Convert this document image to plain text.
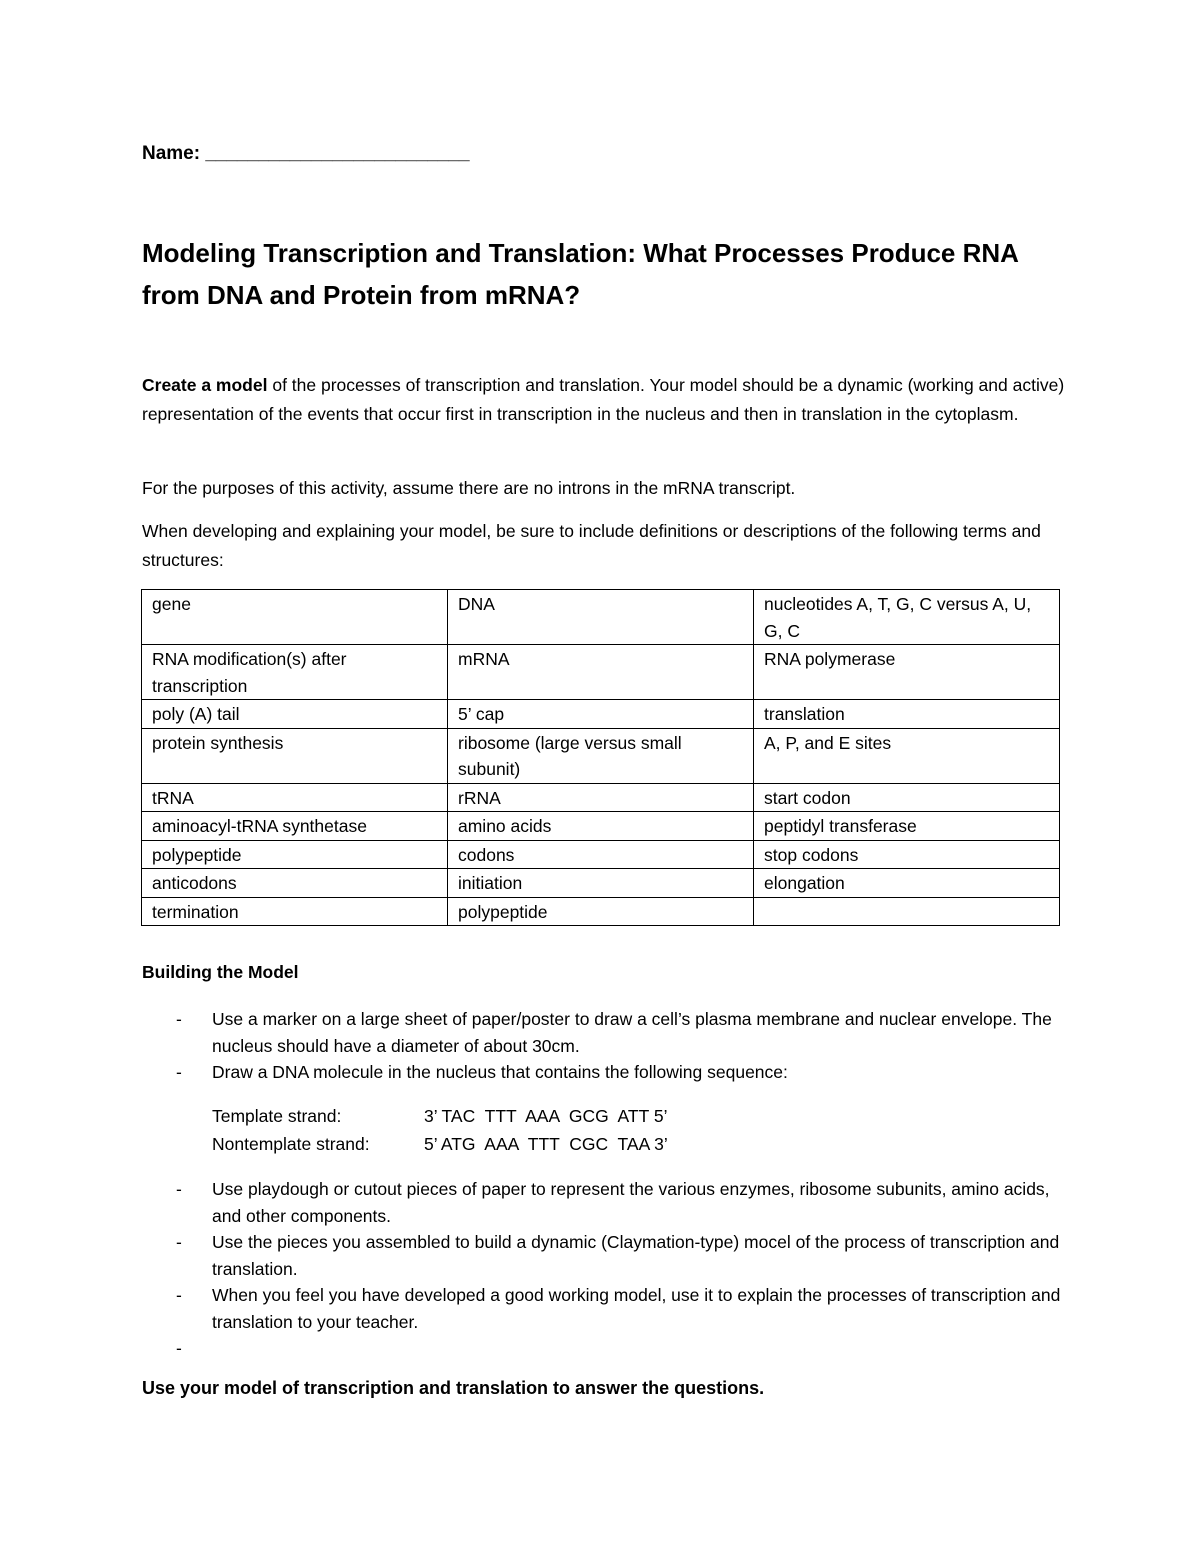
Name: _________________________
Modeling Transcription and Translation: What Processes Produce RNA from DNA and Protein from mRNA?
Create a model of the processes of transcription and translation. Your model should be a dynamic (working and active) representation of the events that occur first in transcription in the nucleus and then in translation in the cytoplasm.
For the purposes of this activity, assume there are no introns in the mRNA transcript.
When developing and explaining your model, be sure to include definitions or descriptions of the following terms and structures:
gene	DNA	nucleotides A, T, G, C versus A, U, G, C
RNA modification(s) after transcription	mRNA	RNA polymerase
poly (A) tail	5’ cap	translation
protein synthesis	ribosome (large versus small subunit)	A, P, and E sites
tRNA	rRNA	start codon
aminoacyl-tRNA synthetase	amino acids	peptidyl transferase
polypeptide	codons	stop codons
anticodons	initiation	elongation
termination	polypeptide	
Building the Model
- Use a marker on a large sheet of paper/poster to draw a cell’s plasma membrane and nuclear envelope. The nucleus should have a diameter of about 30cm.
- Draw a DNA molecule in the nucleus that contains the following sequence:
Template strand:	3’ TAC  TTT  AAA  GCG  ATT 5’
Nontemplate strand:	5’ ATG  AAA  TTT  CGC  TAA 3’
- Use playdough or cutout pieces of paper to represent the various enzymes, ribosome subunits, amino acids, and other components.
- Use the pieces you assembled to build a dynamic (Claymation-type) mocel of the process of transcription and translation.
- When you feel you have developed a good working model, use it to explain the processes of transcription and translation to your teacher.
-
Use your model of transcription and translation to answer the questions.
